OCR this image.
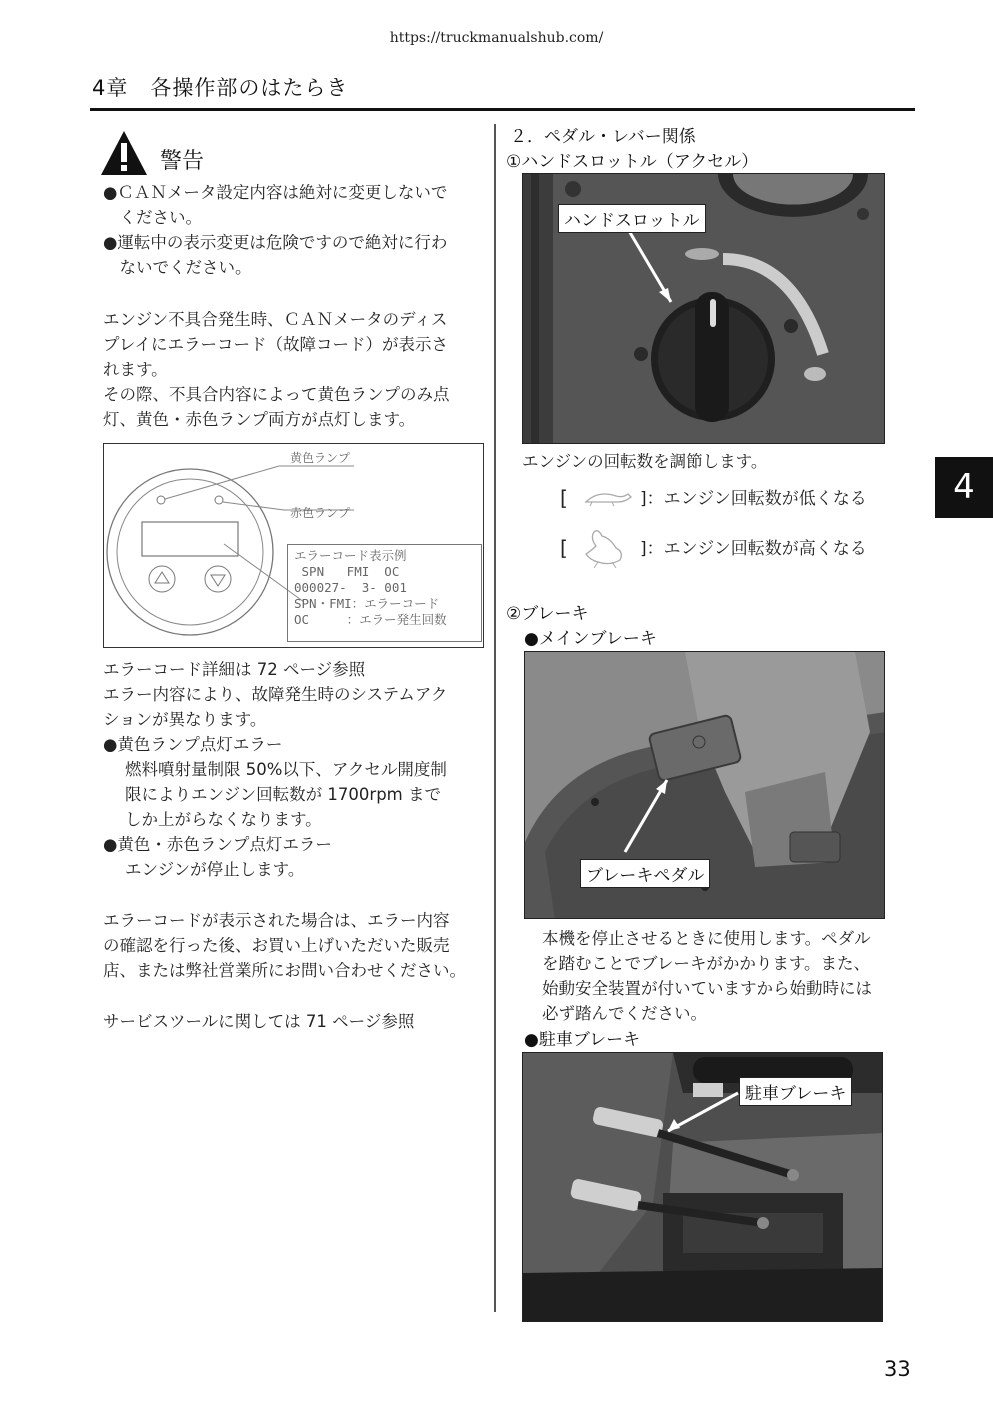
https://truckmanualshub.com/
4章　各操作部のはたらき
4
33
警告
●ＣＡＮメータ設定内容は絶対に変更しないで
　ください。
●運転中の表示変更は危険ですので絶対に行わ
　ないでください。
エンジン不具合発生時、ＣＡＮメータのディス
プレイにエラーコード（故障コード）が表示さ
れます。
その際、不具合内容によって黄色ランプのみ点
灯、黄色・赤色ランプ両方が点灯します。
黄色ランプ
赤色ランプ
エラーコード表示例
SPN   FMI  OC
000027-  3- 001
SPN・FMI：エラーコード
OC     ：エラー発生回数
エラーコード詳細は 72 ページ参照
エラー内容により、故障発生時のシステムアク
ションが異なります。
●黄色ランプ点灯エラー
燃料噴射量制限 50%以下、アクセル開度制
限によりエンジン回転数が 1700rpm まで
しか上がらなくなります。
●黄色・赤色ランプ点灯エラー
エンジンが停止します。
エラーコードが表示された場合は、エラー内容
の確認を行った後、お買い上げいただいた販売
店、または弊社営業所にお問い合わせください。
サービスツールに関しては 71 ページ参照
２．ペダル・レバー関係
①ハンドスロットル（アクセル）
ハンドスロットル
エンジンの回転数を調節します。
[	]：エンジン回転数が低くなる
[	]：エンジン回転数が高くなる
②ブレーキ
●メインブレーキ
ブレーキペダル
本機を停止させるときに使用します。ペダル
を踏むことでブレーキがかかります。また、
始動安全装置が付いていますから始動時には
必ず踏んでください。
●駐車ブレーキ
駐車ブレーキ
